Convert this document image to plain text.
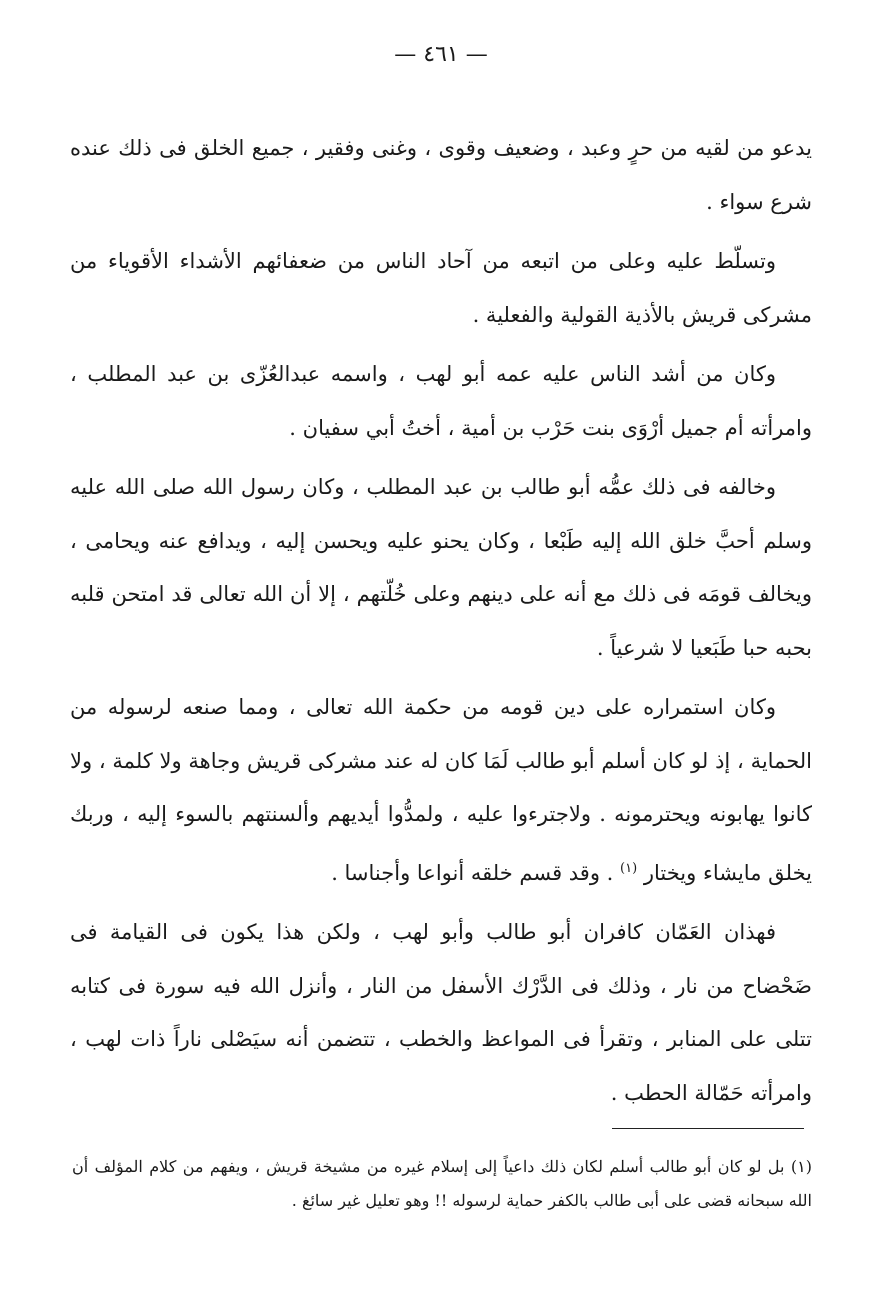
— ٤٦١ —

يدعو من لقيه من حرٍ وعبد ، وضعيف وقوى ، وغنى وفقير ، جميع الخلق فى ذلك عنده شرع سواء .

وتسلّط عليه وعلى من اتبعه من آحاد الناس من ضعفائهم الأشداء الأقوياء من مشركى قريش بالأذية القولية والفعلية .

وكان من أشد الناس عليه عمه أبو لهب ، واسمه عبدالعُزّى بن عبد المطلب ، وامرأته أم جميل أرْوَى بنت حَرْب بن أمية ، أختُ أبي سفيان .

وخالفه فى ذلك عمُّه أبو طالب بن عبد المطلب ، وكان رسول الله صلى الله عليه وسلم أحبَّ خلق الله إليه طَبْعا ، وكان يحنو عليه ويحسن إليه ، ويدافع عنه ويحامى ، ويخالف قومَه فى ذلك مع أنه على دينهم وعلى خُلّتهم ، إلا أن الله تعالى قد امتحن قلبه بحبه حبا طَبَعيا لا شرعياً .

وكان استمراره على دين قومه من حكمة الله تعالى ، ومما صنعه لرسوله من الحماية ، إذ لو كان أسلم أبو طالب لَمَا كان له عند مشركى قريش وجاهة ولا كلمة ، ولا كانوا يهابونه ويحترمونه . ولاجترءوا عليه ، ولمدُّوا أيديهم وألسنتهم بالسوء إليه ، وربك يخلق مايشاء ويختار $^{(١)}$ . وقد قسم خلقه أنواعا وأجناسا .

فهذان العَمّان كافران أبو طالب وأبو لهب ، ولكن هذا يكون فى القيامة فى ضَحْضاح من نار ، وذلك فى الدَّرْك الأسفل من النار ، وأنزل الله فيه سورة فى كتابه تتلى على المنابر ، وتقرأ فى المواعظ والخطب ، تتضمن أنه سيَصْلى ناراً ذات لهب ، وامرأته حَمّالة الحطب .

(١) بل لو كان أبو طالب أسلم لكان ذلك داعياً إلى إسلام غيره من مشيخة قريش ، ويفهم من كلام المؤلف أن الله سبحانه قضى على أبى طالب بالكفر حماية لرسوله !! وهو تعليل غير سائغ .
